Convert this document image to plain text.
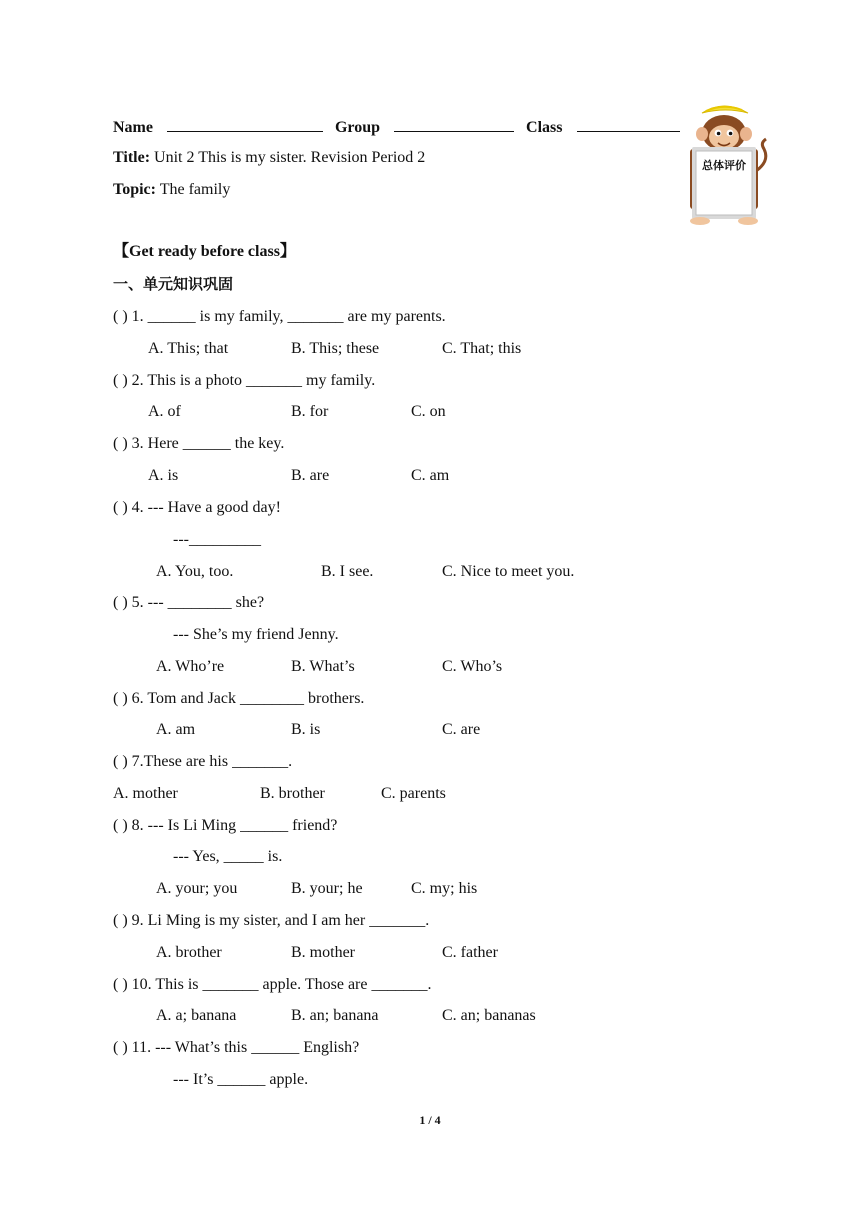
Name	Group	Class
Title: Unit 2 This is my sister. Revision Period 2
Topic: The family
总体评价
【Get ready before class】
一、单元知识巩固
( ) 1. ______ is my family, _______ are my parents.
A. This; that	B. This; these	C. That; this
( ) 2. This is a photo _______ my family.
A. of	B. for	C. on
( ) 3. Here ______ the key.
A. is	B. are	C. am
( ) 4. --- Have a good day!
---_________
A. You, too.	B. I see.	C. Nice to meet you.
( ) 5. --- ________ she?
--- She’s my friend Jenny.
A. Who’re	B. What’s	C. Who’s
( ) 6. Tom and Jack ________ brothers.
A. am	B. is	C. are
( ) 7.These are his _______.
A. mother	B. brother	C. parents
( ) 8. --- Is Li Ming ______ friend?
--- Yes, _____ is.
A. your; you	B. your; he	C. my; his
( ) 9. Li Ming is my sister, and I am her _______.
A. brother	B. mother	C. father
( ) 10. This is _______ apple. Those are _______.
A. a; banana	B. an; banana	C. an; bananas
( ) 11. --- What’s this ______ English?
--- It’s ______ apple.
1 / 4
